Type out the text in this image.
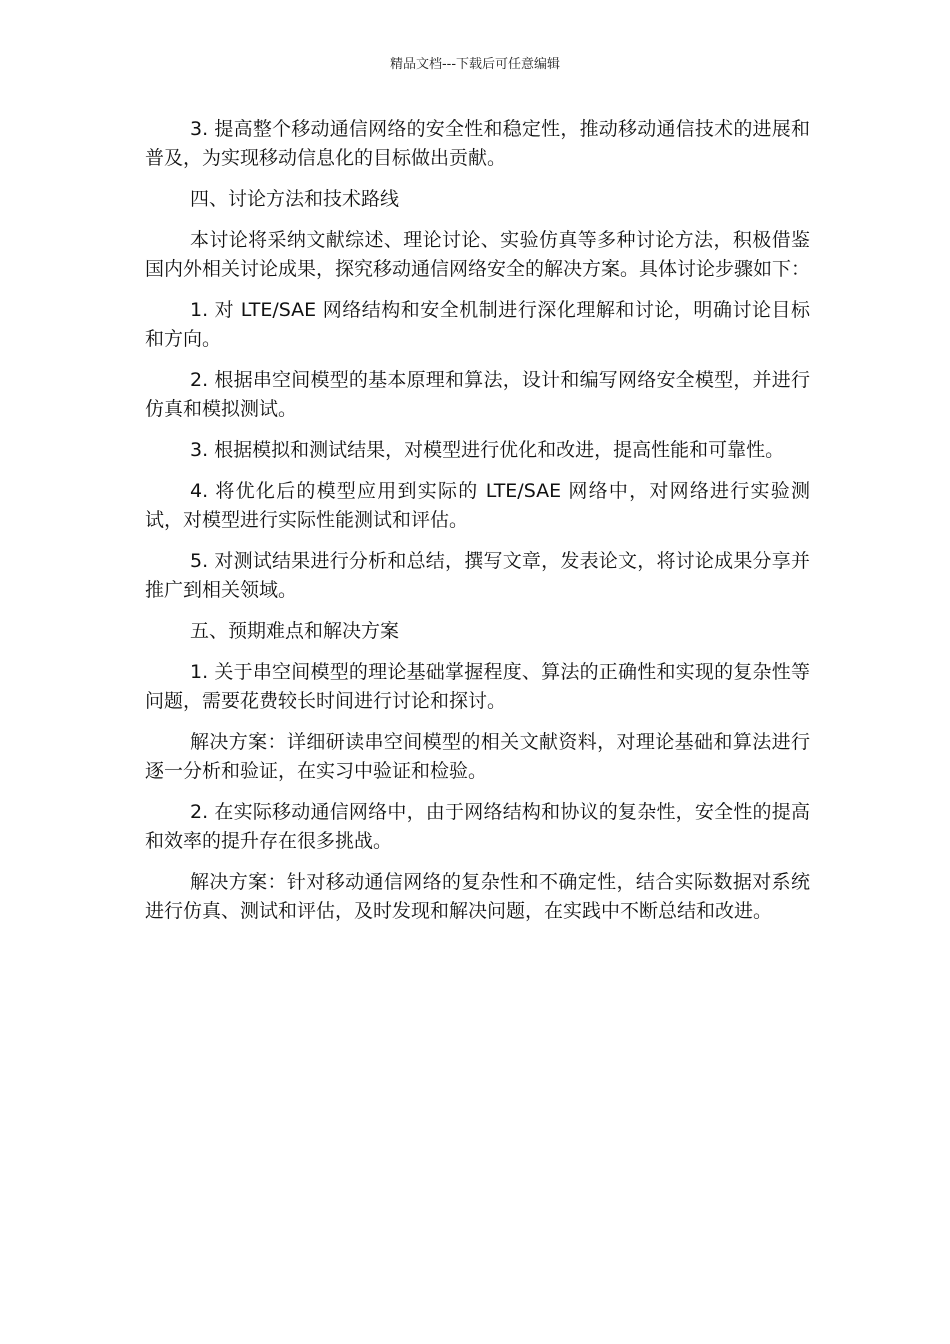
精品文档---下载后可任意编辑

3. 提高整个移动通信网络的安全性和稳定性，推动移动通信技术的进展和普及，为实现移动信息化的目标做出贡献。

四、讨论方法和技术路线

本讨论将采纳文献综述、理论讨论、实验仿真等多种讨论方法，积极借鉴国内外相关讨论成果，探究移动通信网络安全的解决方案。具体讨论步骤如下：

1. 对 LTE/SAE 网络结构和安全机制进行深化理解和讨论，明确讨论目标和方向。

2. 根据串空间模型的基本原理和算法，设计和编写网络安全模型，并进行仿真和模拟测试。

3. 根据模拟和测试结果，对模型进行优化和改进，提高性能和可靠性。

4. 将优化后的模型应用到实际的 LTE/SAE 网络中，对网络进行实验测试，对模型进行实际性能测试和评估。

5. 对测试结果进行分析和总结，撰写文章，发表论文，将讨论成果分享并推广到相关领域。

五、预期难点和解决方案

1. 关于串空间模型的理论基础掌握程度、算法的正确性和实现的复杂性等问题，需要花费较长时间进行讨论和探讨。

解决方案：详细研读串空间模型的相关文献资料，对理论基础和算法进行逐一分析和验证，在实习中验证和检验。

2. 在实际移动通信网络中，由于网络结构和协议的复杂性，安全性的提高和效率的提升存在很多挑战。

解决方案：针对移动通信网络的复杂性和不确定性，结合实际数据对系统进行仿真、测试和评估，及时发现和解决问题，在实践中不断总结和改进。
